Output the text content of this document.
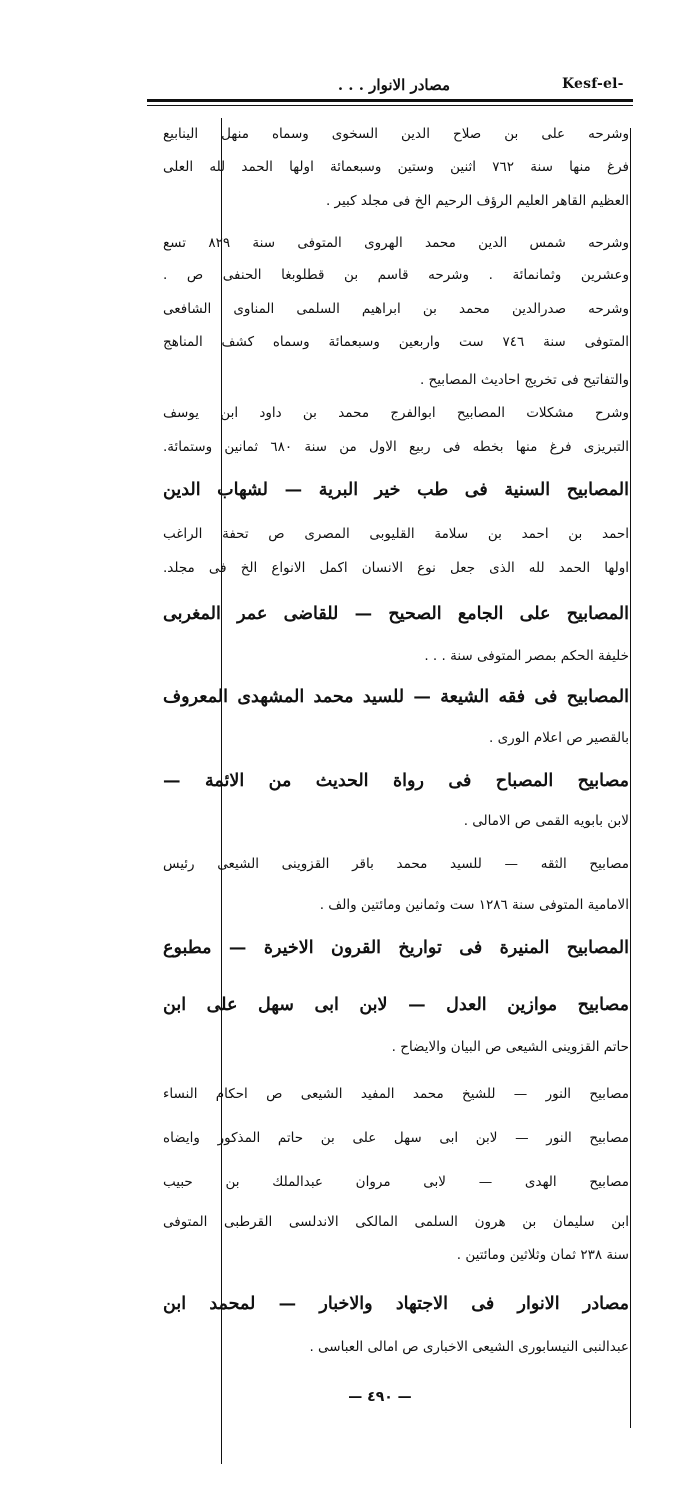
Kesf-el-
مصادر الانوار . . .
وشرحه على بن صلاح الدين السخوى وسماه منهل الينابيع
فرغ منها سنة ٧٦٢ اثنين وستين وسبعمائة اولها الحمد لله العلى
العظيم القاهر العليم الرؤف الرحيم الخ فى مجلد كبير .
وشرحه شمس الدين محمد الهروى المتوفى سنة ٨٢٩ تسع
وعشرين وثمانمائة . وشرحه قاسم بن قطلوبغا الحنفى ص .
وشرحه صدرالدين محمد بن ابراهيم السلمى المناوى الشافعى
المتوفى سنة ٧٤٦ ست واربعين وسبعمائة وسماه كشف المناهج
والتفاتيح فى تخريج احاديث المصابيح .
وشرح مشكلات المصابيح ابوالفرج محمد بن داود ابن يوسف
التبريزى فرغ منها بخطه فى ربيع الاول من سنة ٦٨٠ ثمانين وستمائة.
المصابيح السنية فى طب خير البرية — لشهاب الدين
احمد بن احمد بن سلامة القليوبى المصرى ص تحفة الراغب
اولها الحمد لله الذى جعل نوع الانسان اكمل الانواع الخ فى مجلد.
المصابيح على الجامع الصحيح — للقاضى عمر المغربى
خليفة الحكم بمصر المتوفى سنة . . .
المصابيح فى فقه الشيعة — للسيد محمد المشهدى المعروف
بالقصير ص اعلام الورى .
مصابيح المصباح فى رواة الحديث من الائمة —
لابن بابويه القمى ص الامالى .
مصابيح الثقه — للسيد محمد باقر القزوينى الشيعى رئيس
الامامية المتوفى سنة ١٢٨٦ ست وثمانين ومائتين والف .
المصابيح المنيرة فى تواريخ القرون الاخيرة — مطبوع
مصابيح موازين العدل — لابن ابى سهل على ابن
حاتم القزوينى الشيعى ص البيان والايضاح .
مصابيح النور — للشيخ محمد المفيد الشيعى ص احكام النساء
مصابيح النور — لابن ابى سهل على بن حاتم المذكور وايضاه
مصابيح الهدى — لابى مروان عبدالملك بن حبيب
ابن سليمان بن هرون السلمى المالكى الاندلسى القرطبى المتوفى
سنة ٢٣٨ ثمان وثلاثين ومائتين .
مصادر الانوار فى الاجتهاد والاخبار — لمحمد ابن
عبدالنبى النيسابورى الشيعى الاخبارى ص امالى العباسى .
— ٤٩٠ —
